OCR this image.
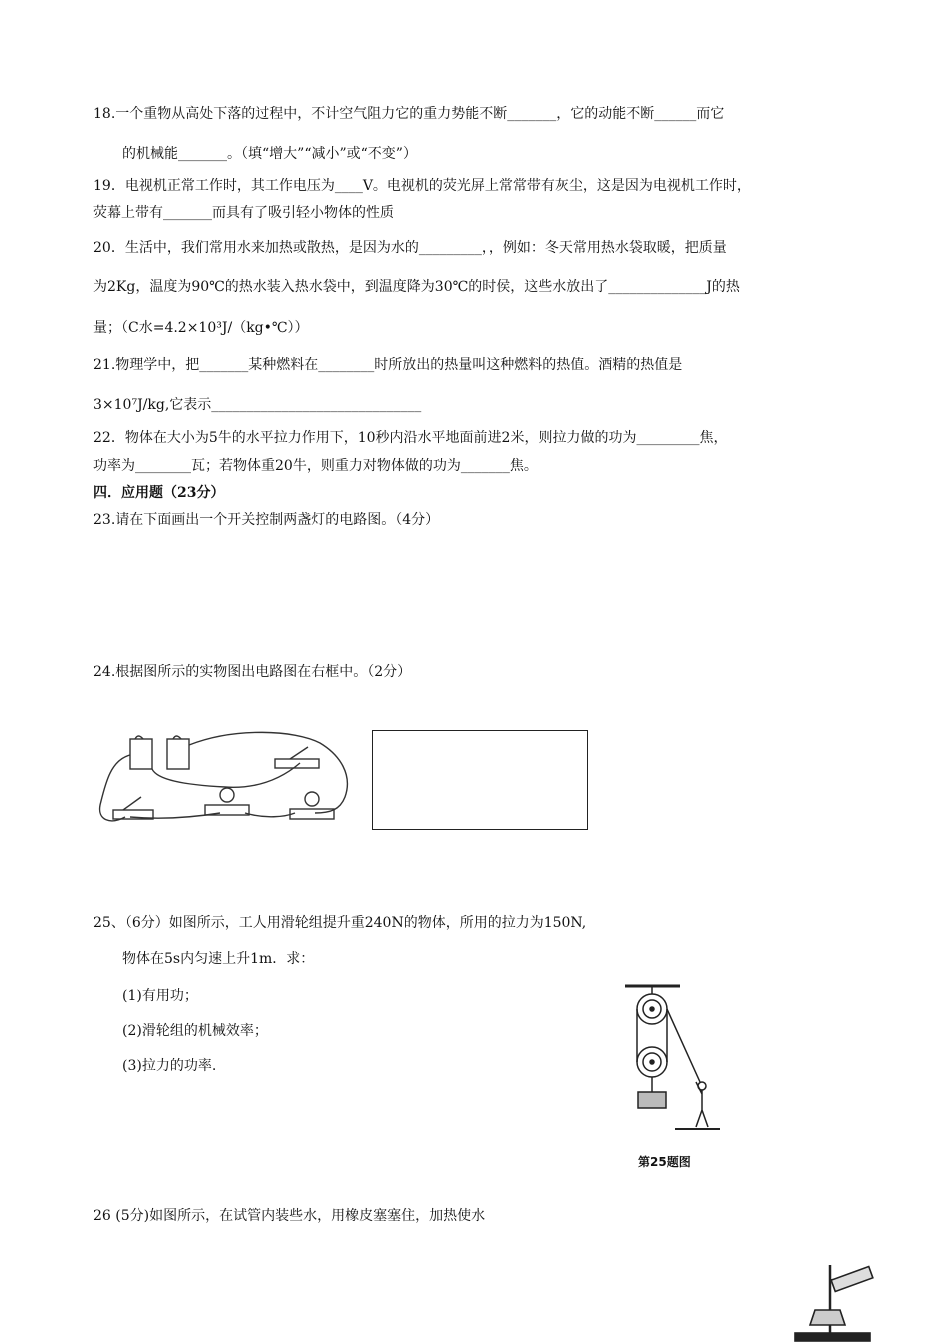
18.一个重物从高处下落的过程中，不计空气阻力它的重力势能不断_______，它的动能不断______而它
的机械能_______。（填“增大”“减小”或“不变”）
19．电视机正常工作时，其工作电压为____V。电视机的荧光屏上常常带有灰尘，这是因为电视机工作时，
荧幕上带有_______而具有了吸引轻小物体的性质
20．生活中，我们常用水来加热或散热，是因为水的_________，，例如：冬天常用热水袋取暖，把质量
为2Kg，温度为90℃的热水装入热水袋中，到温度降为30℃的时侯，这些水放出了______________J的热
量；（C水=4.2×10³J/（kg•℃））
21.物理学中，把_______某种燃料在________时所放出的热量叫这种燃料的热值。酒精的热值是
3×10⁷J/kg,它表示______________________________
22．物体在大小为5牛的水平拉力作用下，10秒内沿水平地面前进2米，则拉力做的功为_________焦，
功率为________瓦；若物体重20牛，则重力对物体做的功为_______焦。
四．应用题（23分）
23.请在下面画出一个开关控制两盏灯的电路图。（4分）
24.根据图所示的实物图出电路图在右框中。（2分）
25、（6分）如图所示，工人用滑轮组提升重240N的物体，所用的拉力为150N,
物体在5s内匀速上升1m．求：
(1)有用功；
(2)滑轮组的机械效率；
(3)拉力的功率.
第25题图
26 (5分)如图所示，在试管内装些水，用橡皮塞塞住，加热使水
